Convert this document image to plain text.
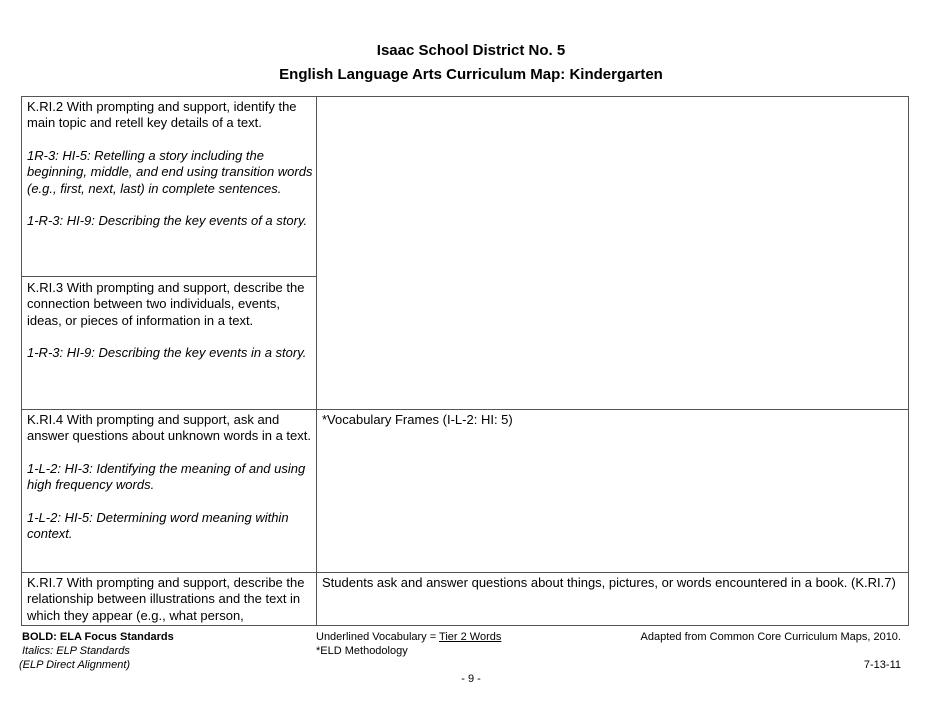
Isaac School District No. 5
English Language Arts Curriculum Map: Kindergarten

K.RI.2 With prompting and support, identify the main topic and retell key details of a text.

1R-3: HI-5: Retelling a story including the beginning, middle, and end using transition words (e.g., first, next, last) in complete sentences.

1-R-3: HI-9: Describing the key events of a story.

K.RI.3 With prompting and support, describe the connection between two individuals, events, ideas, or pieces of information in a text.

1-R-3: HI-9: Describing the key events in a story.

K.RI.4 With prompting and support, ask and answer questions about unknown words in a text.

1-L-2: HI-3: Identifying the meaning of and using high frequency words.

1-L-2: HI-5: Determining word meaning within context.

*Vocabulary Frames (I-L-2: HI: 5)

K.RI.7 With prompting and support, describe the relationship between illustrations and the text in which they appear (e.g., what person,

Students ask and answer questions about things, pictures, or words encountered in a book. (K.RI.7)

BOLD: ELA Focus Standards
Italics: ELP Standards
(ELP Direct Alignment)
Underlined Vocabulary = Tier 2 Words
*ELD Methodology
Adapted from Common Core Curriculum Maps, 2010.
7-13-11
- 9 -
